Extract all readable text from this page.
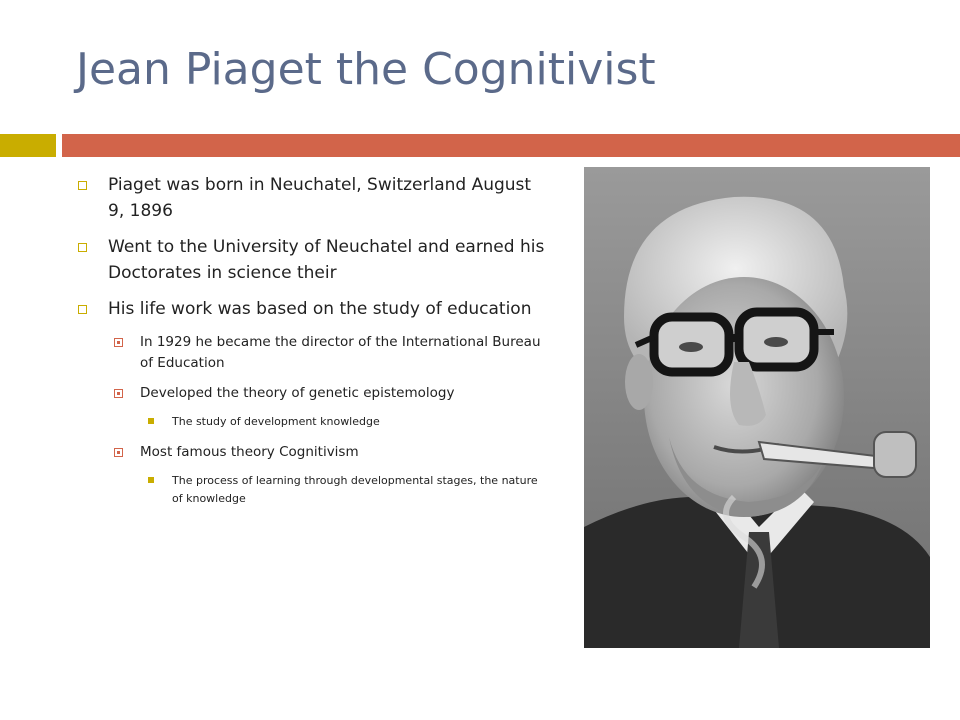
Jean Piaget the Cognitivist
Piaget was born in Neuchatel, Switzerland August 9, 1896
Went to the University of Neuchatel and earned his Doctorates in science their
His life work was based on the study of education
In 1929 he became the director of the International Bureau of Education
Developed the theory of genetic epistemology
The study of development knowledge
Most famous theory Cognitivism
The process of learning through developmental stages, the nature of knowledge
